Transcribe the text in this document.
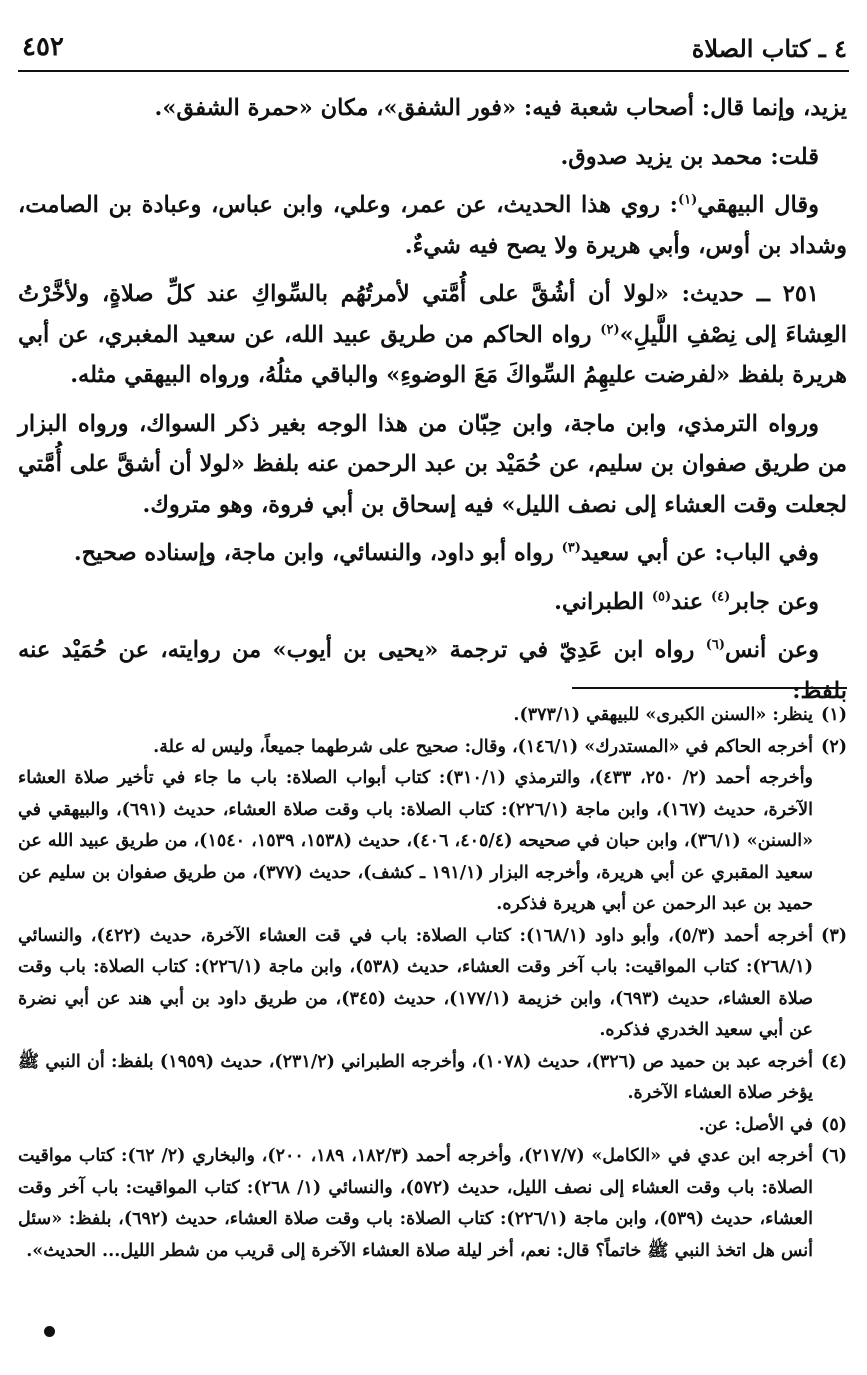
٤ ـ كتاب الصلاة
٤٥٢

يزيد، وإنما قال: أصحاب شعبة فيه: «فور الشفق»، مكان «حمرة الشفق».

قلت: محمد بن يزيد صدوق.

وقال البيهقي$^{(١)}$: روي هذا الحديث، عن عمر، وعلي، وابن عباس، وعبادة بن الصامت، وشداد بن أوس، وأبي هريرة ولا يصح فيه شيءٌ.

٢٥١ ــ حديث: «لولا أن أشُقَّ على أُمَّتي لأمرتُهُم بالسِّواكِ عند كلِّ صلاةٍ، ولأخَّرْتُ العِشاءَ إلى نِصْفِ اللَّيلِ»$^{(٢)}$ رواه الحاكم من طريق عبيد الله، عن سعيد المغبري، عن أبي هريرة بلفظ «لفرضت عليهِمُ السِّواكَ مَعَ الوضوءِ» والباقي مثلُهُ، ورواه البيهقي مثله.

ورواه الترمذي، وابن ماجة، وابن حِبّان من هذا الوجه بغير ذكر السواك، ورواه البزار من طريق صفوان بن سليم، عن حُمَيْد بن عبد الرحمن عنه بلفظ «لولا أن أشقَّ على أُمَّتي لجعلت وقت العشاء إلى نصف الليل» فيه إسحاق بن أبي فروة، وهو متروك.

وفي الباب: عن أبي سعيد$^{(٣)}$ رواه أبو داود، والنسائي، وابن ماجة، وإسناده صحيح.

وعن جابر$^{(٤)}$ عند$^{(٥)}$ الطبراني.

وعن أنس$^{(٦)}$ رواه ابن عَدِيّ في ترجمة «يحيى بن أيوب» من روايته، عن حُمَيْد عنه بلفظ:

(١)

ينظر: «السنن الكبرى» للبيهقي (٣٧٣/١).

(٢)

أخرجه الحاكم في «المستدرك» (١٤٦/١)، وقال: صحيح على شرطهما جميعاً، وليس له علة.

وأخرجه أحمد (٢/ ٢٥٠، ٤٣٣)، والترمذي (٣١٠/١): كتاب أبواب الصلاة: باب ما جاء في تأخير صلاة العشاء الآخرة، حديث (١٦٧)، وابن ماجة (٢٢٦/١): كتاب الصلاة: باب وقت صلاة العشاء، حديث (٦٩١)، والبيهقي في «السنن» (٣٦/١)، وابن حبان في صحيحه (٤٠٥/٤، ٤٠٦)، حديث (١٥٣٨، ١٥٣٩، ١٥٤٠)، من طريق عبيد الله عن سعيد المقبري عن أبي هريرة، وأخرجه البزار (١٩١/١ ـ كشف)، حديث (٣٧٧)، من طريق صفوان بن سليم عن حميد بن عبد الرحمن عن أبي هريرة فذكره.

(٣)

أخرجه أحمد (٥/٣)، وأبو داود (١٦٨/١): كتاب الصلاة: باب في قت العشاء الآخرة، حديث (٤٢٢)، والنسائي (٢٦٨/١): كتاب المواقيت: باب آخر وقت العشاء، حديث (٥٣٨)، وابن ماجة (٢٢٦/١): كتاب الصلاة: باب وقت صلاة العشاء، حديث (٦٩٣)، وابن خزيمة (١٧٧/١)، حديث (٣٤٥)، من طريق داود بن أبي هند عن أبي نضرة عن أبي سعيد الخدري فذكره.

(٤)

أخرجه عبد بن حميد ص (٣٢٦)، حديث (١٠٧٨)، وأخرجه الطبراني (٢٣١/٢)، حديث (١٩٥٩) بلفظ: أن النبي ﷺ يؤخر صلاة العشاء الآخرة.

(٥)

في الأصل: عن.

(٦)

أخرجه ابن عدي في «الكامل» (٢١٧/٧)، وأخرجه أحمد (١٨٢/٣، ١٨٩، ٢٠٠)، والبخاري (٢/ ٦٢): كتاب مواقيت الصلاة: باب وقت العشاء إلى نصف الليل، حديث (٥٧٢)، والنسائي (١/ ٢٦٨): كتاب المواقيت: باب آخر وقت العشاء، حديث (٥٣٩)، وابن ماجة (٢٢٦/١): كتاب الصلاة: باب وقت صلاة العشاء، حديث (٦٩٢)، بلفظ: «سئل أنس هل اتخذ النبي ﷺ خاتماً؟ قال: نعم، أخر ليلة صلاة العشاء الآخرة إلى قريب من شطر الليل... الحديث».
